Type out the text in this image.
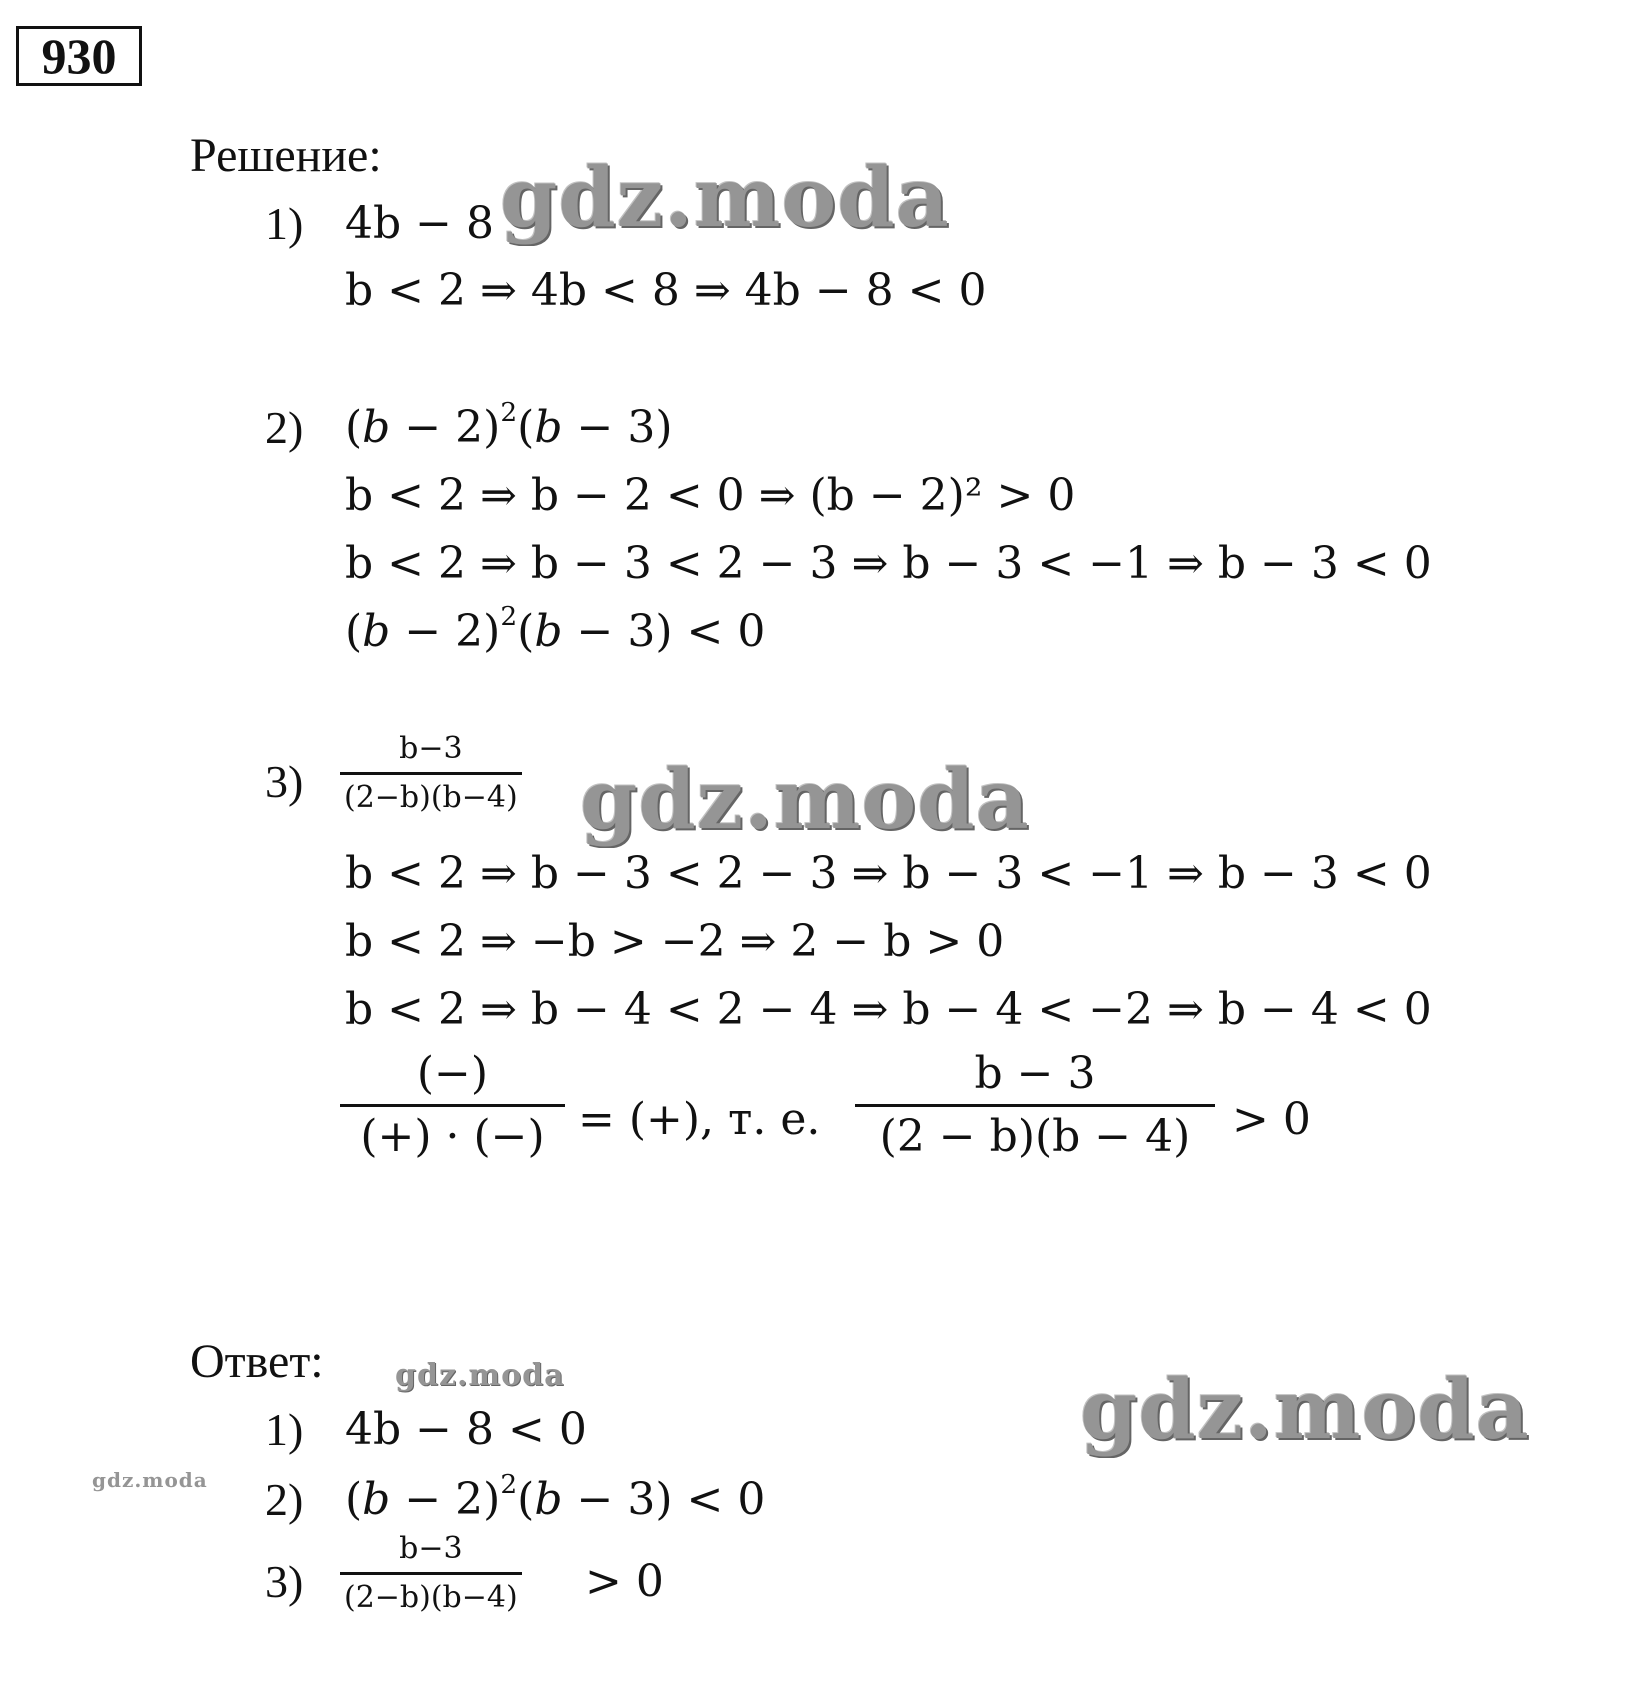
930
Решение:
1) 4b − 8
b < 2 ⇒ 4b < 8 ⇒ 4b − 8 < 0
2) $(b - 2)^2(b - 3)$
b < 2 ⇒ b − 2 < 0 ⇒ (b − 2)² > 0
b < 2 ⇒ b − 3 < 2 − 3 ⇒ b − 3 < −1 ⇒ b − 3 < 0
$(b - 2)^2(b - 3) < 0$
3)
b−3
(2−b)(b−4)
b < 2 ⇒ b − 3 < 2 − 3 ⇒ b − 3 < −1 ⇒ b − 3 < 0
b < 2 ⇒ −b > −2 ⇒ 2 − b > 0
b < 2 ⇒ b − 4 < 2 − 4 ⇒ b − 4 < −2 ⇒ b − 4 < 0
(−)
(+) · (−) = (+), т. е.
b − 3
(2 − b)(b − 4) > 0
Ответ:
1) 4b − 8 < 0
2) $(b - 2)^2(b - 3) < 0$
3)
b−3
(2−b)(b−4) > 0
gdz.moda
gdz.moda
gdz.moda
gdz.moda
gdz.moda
